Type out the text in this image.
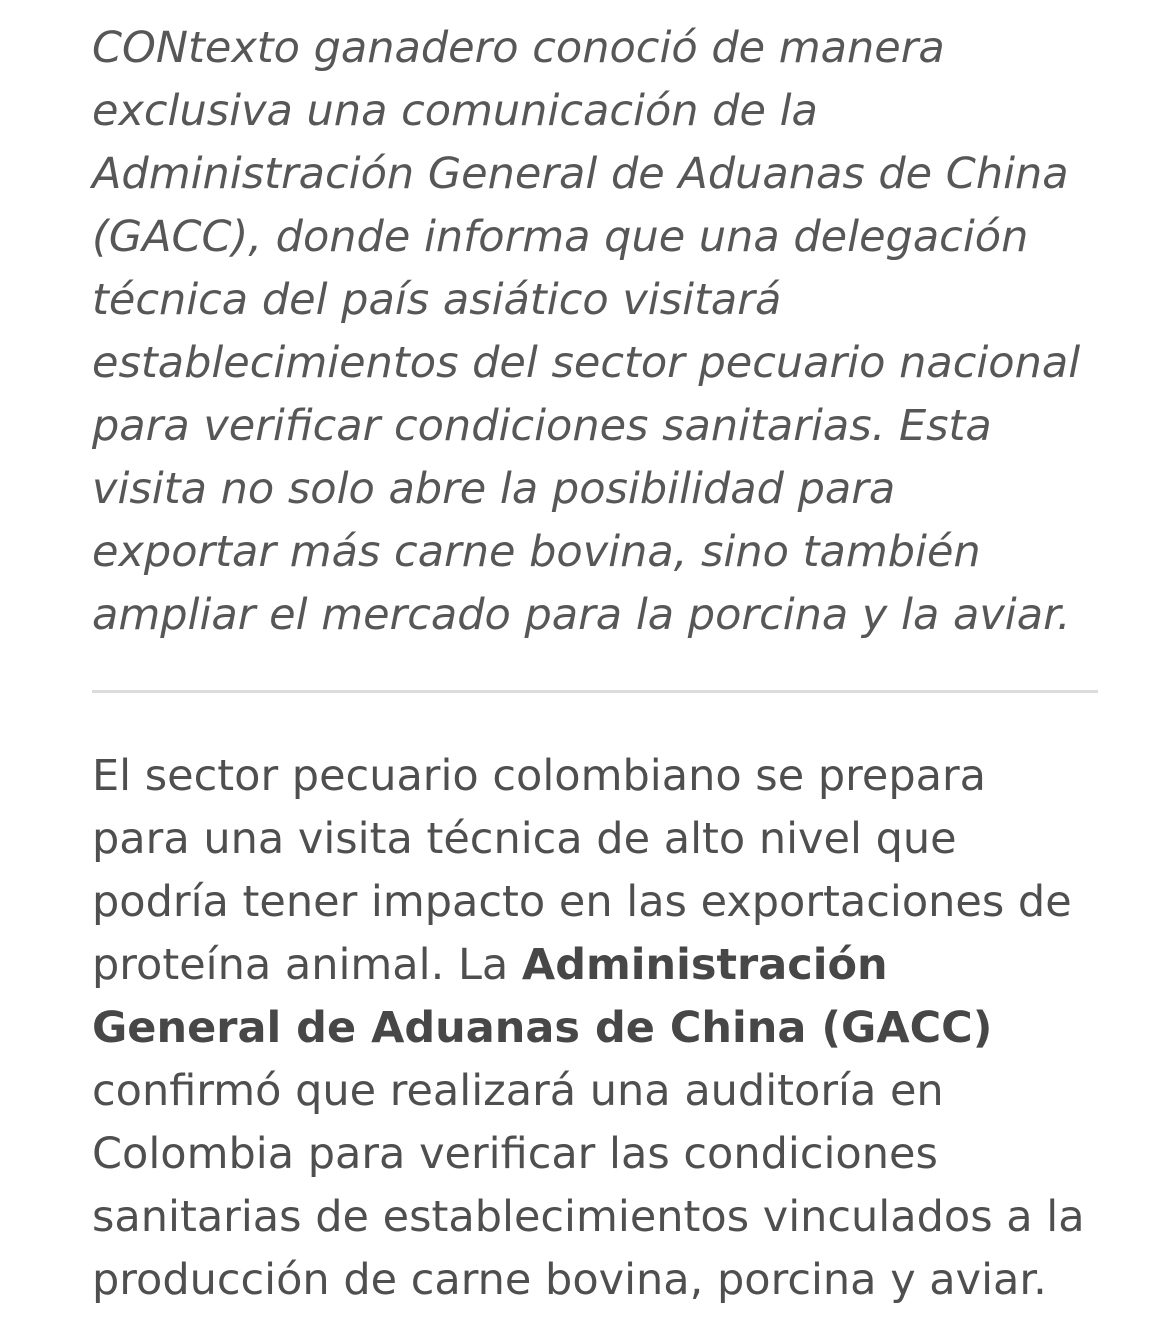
CONtexto ganadero conoció de manera
exclusiva una comunicación de la
Administración General de Aduanas de China
(GACC), donde informa que una delegación
técnica del país asiático visitará
establecimientos del sector pecuario nacional
para verificar condiciones sanitarias. Esta
visita no solo abre la posibilidad para
exportar más carne bovina, sino también
ampliar el mercado para la porcina y la aviar.
El sector pecuario colombiano se prepara
para una visita técnica de alto nivel que
podría tener impacto en las exportaciones de
proteína animal. La Administración
General de Aduanas de China (GACC)
confirmó que realizará una auditoría en
Colombia para verificar las condiciones
sanitarias de establecimientos vinculados a la
producción de carne bovina, porcina y aviar.
